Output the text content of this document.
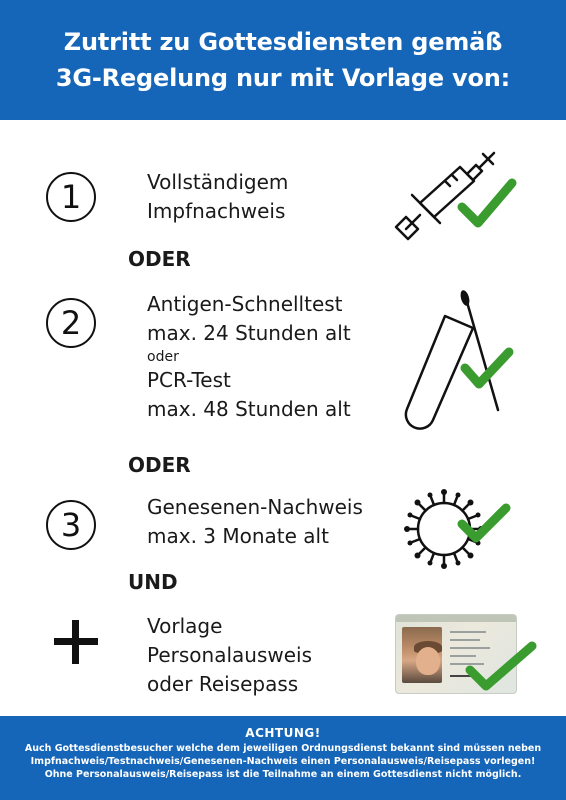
Zutritt zu Gottesdiensten gemäß
3G-Regelung nur mit Vorlage von:
1	Vollständigem
Impfnachweis
ODER
2	Antigen-Schnelltest
max. 24 Stunden alt
oder
PCR-Test
max. 48 Stunden alt
ODER
3	Genesenen-Nachweis
max. 3 Monate alt
UND
Vorlage
Personalausweis
oder Reisepass
ACHTUNG!
Auch Gottesdienstbesucher welche dem jeweiligen Ordnungsdienst bekannt sind müssen neben
Impfnachweis/Testnachweis/Genesenen-Nachweis einen Personalausweis/Reisepass vorlegen!
Ohne Personalausweis/Reisepass ist die Teilnahme an einem Gottesdienst nicht möglich.
